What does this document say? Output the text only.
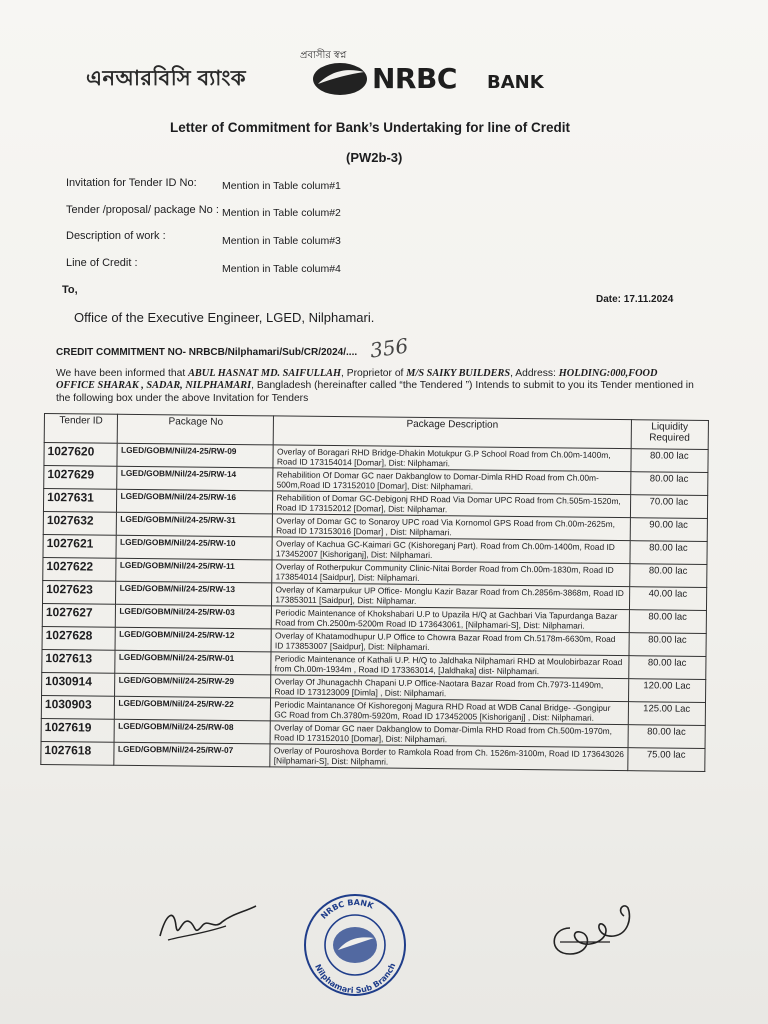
এনআরবিসি ব্যাংক
প্রবাসীর স্বপ্ন
NRBC BANK
Letter of Commitment for Bank’s Undertaking for line of Credit
(PW2b-3)
Invitation for Tender ID No: Mention in Table colum#1
Tender /proposal/ package No : Mention in Table colum#2
Description of work :	Mention in Table colum#3
Line of Credit :	Mention in Table colum#4
To,
Date: 17.11.2024
Office of the Executive Engineer, LGED, Nilphamari.
CREDIT COMMITMENT NO- NRBCB/Nilphamari/Sub/CR/2024/.... 356
We have been informed that ABUL HASNAT MD. SAIFULLAH, Proprietor of M/S SAIKY BUILDERS, Address: HOLDING:000,FOOD OFFICE SHARAK , SADAR, NILPHAMARI, Bangladesh (hereinafter called “the Tendered ”) Intends to submit to you its Tender mentioned in the following box under the above Invitation for Tenders
Tender ID	Package No	Package Description	Liquidity Required
1027620	LGED/GOBM/Nil/24-25/RW-09	Overlay of Boragari RHD Bridge-Dhakin Motukpur G.P School Road from Ch.00m-1400m, Road ID 173154014 [Domar], Dist: Nilphamari.	80.00 lac
1027629	LGED/GOBM/Nil/24-25/RW-14	Rehabilition Of Domar GC naer Dakbanglow to Domar-Dimla RHD Road from Ch.00m-500m,Road ID 173152010 [Domar], Dist: Nilphamari.	80.00 lac
1027631	LGED/GOBM/Nil/24-25/RW-16	Rehabilition of Domar GC-Debigonj RHD Road Via Domar UPC Road from Ch.505m-1520m, Road ID 173152012 [Domar], Dist: Nilphamar.	70.00 lac
1027632	LGED/GOBM/Nil/24-25/RW-31	Overlay of Domar GC to Sonaroy UPC road Via Kornomol GPS Road from Ch.00m-2625m, Road ID 173153016 [Domar] , Dist: Nilphamari.	90.00 lac
1027621	LGED/GOBM/Nil/24-25/RW-10	Overlay of Kachua GC-Kaimari GC (Kishoreganj Part). Road from Ch.00m-1400m, Road ID 173452007 [Kishoriganj], Dist: Nilphamari.	80.00 lac
1027622	LGED/GOBM/Nil/24-25/RW-11	Overlay of Rotherpukur Community Clinic-Nitai Border Road from Ch.00m-1830m, Road ID 173854014 [Saidpur], Dist: Nilphamari.	80.00 lac
1027623	LGED/GOBM/Nil/24-25/RW-13	Overlay of Kamarpukur UP Office- Monglu Kazir Bazar Road from Ch.2856m-3868m, Road ID 173853011 [Saidpur], Dist: Nilphamar.	40.00 lac
1027627	LGED/GOBM/Nil/24-25/RW-03	Periodic Maintenance of Khokshabari U.P to Upazila H/Q at Gachbari Via Tapurdanga Bazar Road from Ch.2500m-5200m Road ID 173643061, [Nilphamari-S], Dist: Nilphamari.	80.00 lac
1027628	LGED/GOBM/Nil/24-25/RW-12	Overlay of Khatamodhupur U.P Office to Chowra Bazar Road from Ch.5178m-6630m, Road ID 173853007 [Saidpur], Dist: Nilphamari.	80.00 lac
1027613	LGED/GOBM/Nil/24-25/RW-01	Periodic Maintenance of Kathali U.P. H/Q to Jaldhaka Nilphamari RHD at Moulobirbazar Road from Ch.00m-1934m , Road ID 173363014, [Jaldhaka] dist- Nilphamari.	80.00 lac
1030914	LGED/GOBM/Nil/24-25/RW-29	Overlay Of Jhunagachh Chapani U.P Office-Naotara Bazar Road from Ch.7973-11490m, Road ID 173123009 [Dimla] , Dist: Nilphamari.	120.00 Lac
1030903	LGED/GOBM/Nil/24-25/RW-22	Periodic Maintanance Of Kishoregonj Magura RHD Road at WDB Canal Bridge- -Gongipur GC Road from Ch.3780m-5920m, Road ID 173452005 [Kishoriganj] , Dist: Nilphamari.	125.00 Lac
1027619	LGED/GOBM/Nil/24-25/RW-08	Overlay of Domar GC naer Dakbanglow to Domar-Dimla RHD Road from Ch.500m-1970m, Road ID 173152010 [Domar], Dist: Nilphamari.	80.00 lac
1027618	LGED/GOBM/Nil/24-25/RW-07	Overlay of Pouroshova Border to Ramkola Road from Ch. 1526m-3100m, Road ID 173643026 [Nilphamari-S], Dist: Nilphamri.	75.00 lac
NRBC BANK
Nilphamari Sub Branch
